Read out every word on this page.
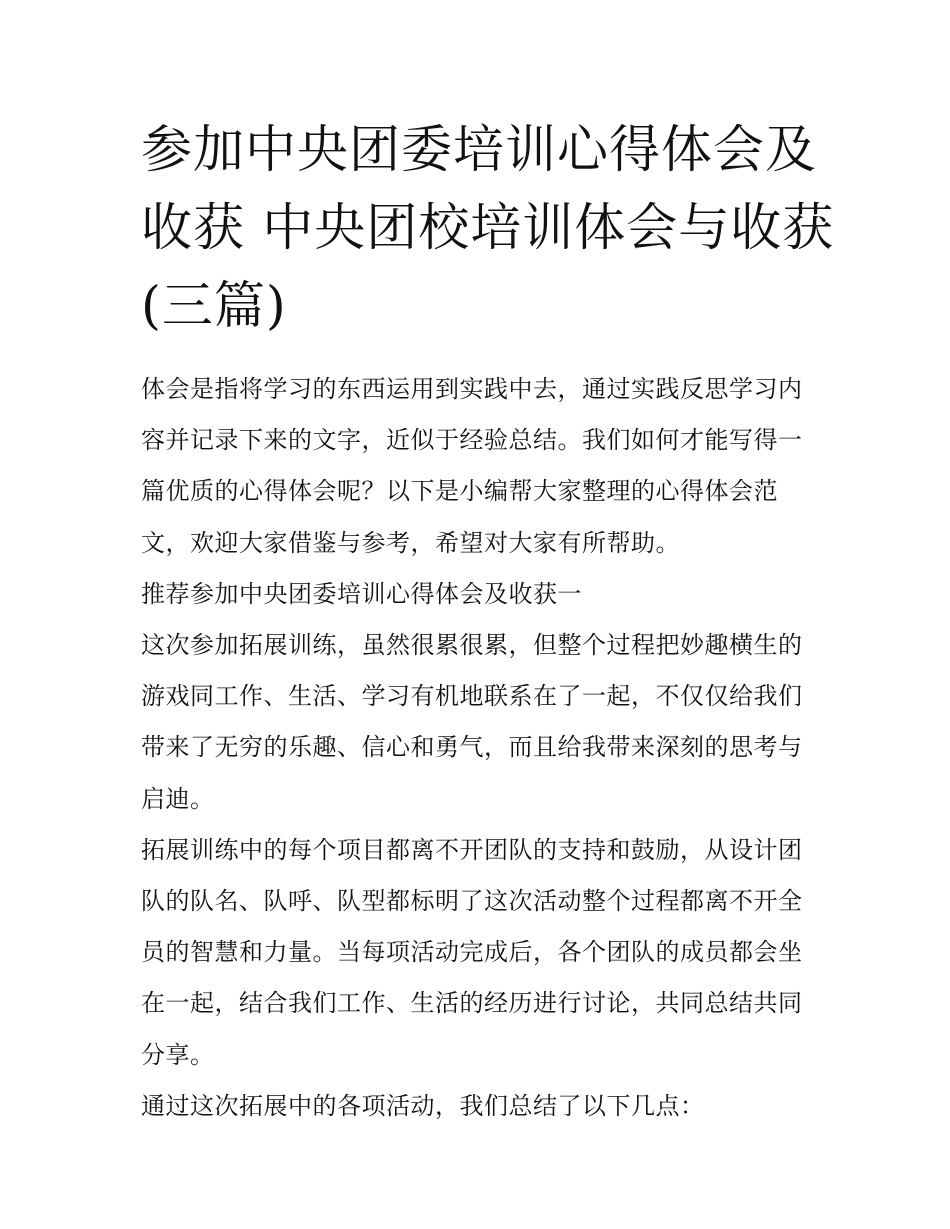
参加中央团委培训心得体会及
收获 中央团校培训体会与收获
(三篇)

体会是指将学习的东西运用到实践中去，通过实践反思学习内
容并记录下来的文字，近似于经验总结。我们如何才能写得一
篇优质的心得体会呢？以下是小编帮大家整理的心得体会范
文，欢迎大家借鉴与参考，希望对大家有所帮助。

推荐参加中央团委培训心得体会及收获一

这次参加拓展训练，虽然很累很累，但整个过程把妙趣横生的
游戏同工作、生活、学习有机地联系在了一起，不仅仅给我们
带来了无穷的乐趣、信心和勇气，而且给我带来深刻的思考与
启迪。

拓展训练中的每个项目都离不开团队的支持和鼓励，从设计团
队的队名、队呼、队型都标明了这次活动整个过程都离不开全
员的智慧和力量。当每项活动完成后，各个团队的成员都会坐
在一起，结合我们工作、生活的经历进行讨论，共同总结共同
分享。

通过这次拓展中的各项活动，我们总结了以下几点：
